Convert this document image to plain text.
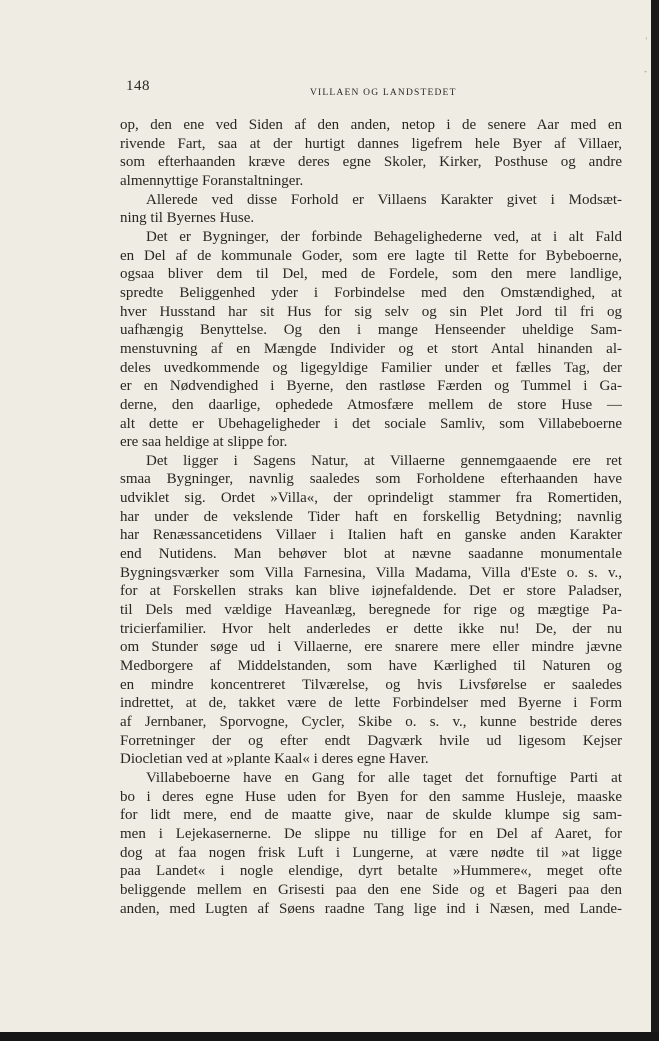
148	VILLAEN OG LANDSTEDET
op, den ene ved Siden af den anden, netop i de senere Aar med en
rivende Fart, saa at der hurtigt dannes ligefrem hele Byer af Villaer,
som efterhaanden kræve deres egne Skoler, Kirker, Posthuse og andre
almennyttige Foranstaltninger.
Allerede ved disse Forhold er Villaens Karakter givet i Modsæt-
ning til Byernes Huse.
Det er Bygninger, der forbinde Behagelighederne ved, at i alt Fald
en Del af de kommunale Goder, som ere lagte til Rette for Bybeboerne,
ogsaa bliver dem til Del, med de Fordele, som den mere landlige,
spredte Beliggenhed yder i Forbindelse med den Omstændighed, at
hver Husstand har sit Hus for sig selv og sin Plet Jord til fri og
uafhængig Benyttelse. Og den i mange Henseender uheldige Sam-
menstuvning af en Mængde Individer og et stort Antal hinanden al-
deles uvedkommende og ligegyldige Familier under et fælles Tag, der
er en Nødvendighed i Byerne, den rastløse Færden og Tummel i Ga-
derne, den daarlige, ophedede Atmosfære mellem de store Huse —
alt dette er Ubehageligheder i det sociale Samliv, som Villabeboerne
ere saa heldige at slippe for.
Det ligger i Sagens Natur, at Villaerne gennemgaaende ere ret
smaa Bygninger, navnlig saaledes som Forholdene efterhaanden have
udviklet sig. Ordet »Villa«, der oprindeligt stammer fra Romertiden,
har under de vekslende Tider haft en forskellig Betydning; navnlig
har Renæssancetidens Villaer i Italien haft en ganske anden Karakter
end Nutidens. Man behøver blot at nævne saadanne monumentale
Bygningsværker som Villa Farnesina, Villa Madama, Villa d'Este o. s. v.,
for at Forskellen straks kan blive iøjnefaldende. Det er store Paladser,
til Dels med vældige Haveanlæg, beregnede for rige og mægtige Pa-
tricierfamilier. Hvor helt anderledes er dette ikke nu! De, der nu
om Stunder søge ud i Villaerne, ere snarere mere eller mindre jævne
Medborgere af Middelstanden, som have Kærlighed til Naturen og
en mindre koncentreret Tilværelse, og hvis Livsførelse er saaledes
indrettet, at de, takket være de lette Forbindelser med Byerne i Form
af Jernbaner, Sporvogne, Cycler, Skibe o. s. v., kunne bestride deres
Forretninger der og efter endt Dagværk hvile ud ligesom Kejser
Diocletian ved at »plante Kaal« i deres egne Haver.
Villabeboerne have en Gang for alle taget det fornuftige Parti at
bo i deres egne Huse uden for Byen for den samme Husleje, maaske
for lidt mere, end de maatte give, naar de skulde klumpe sig sam-
men i Lejekasernerne. De slippe nu tillige for en Del af Aaret, for
dog at faa nogen frisk Luft i Lungerne, at være nødte til »at ligge
paa Landet« i nogle elendige, dyrt betalte »Hummere«, meget ofte
beliggende mellem en Grisesti paa den ene Side og et Bageri paa den
anden, med Lugten af Søens raadne Tang lige ind i Næsen, med Lande-
'
-
